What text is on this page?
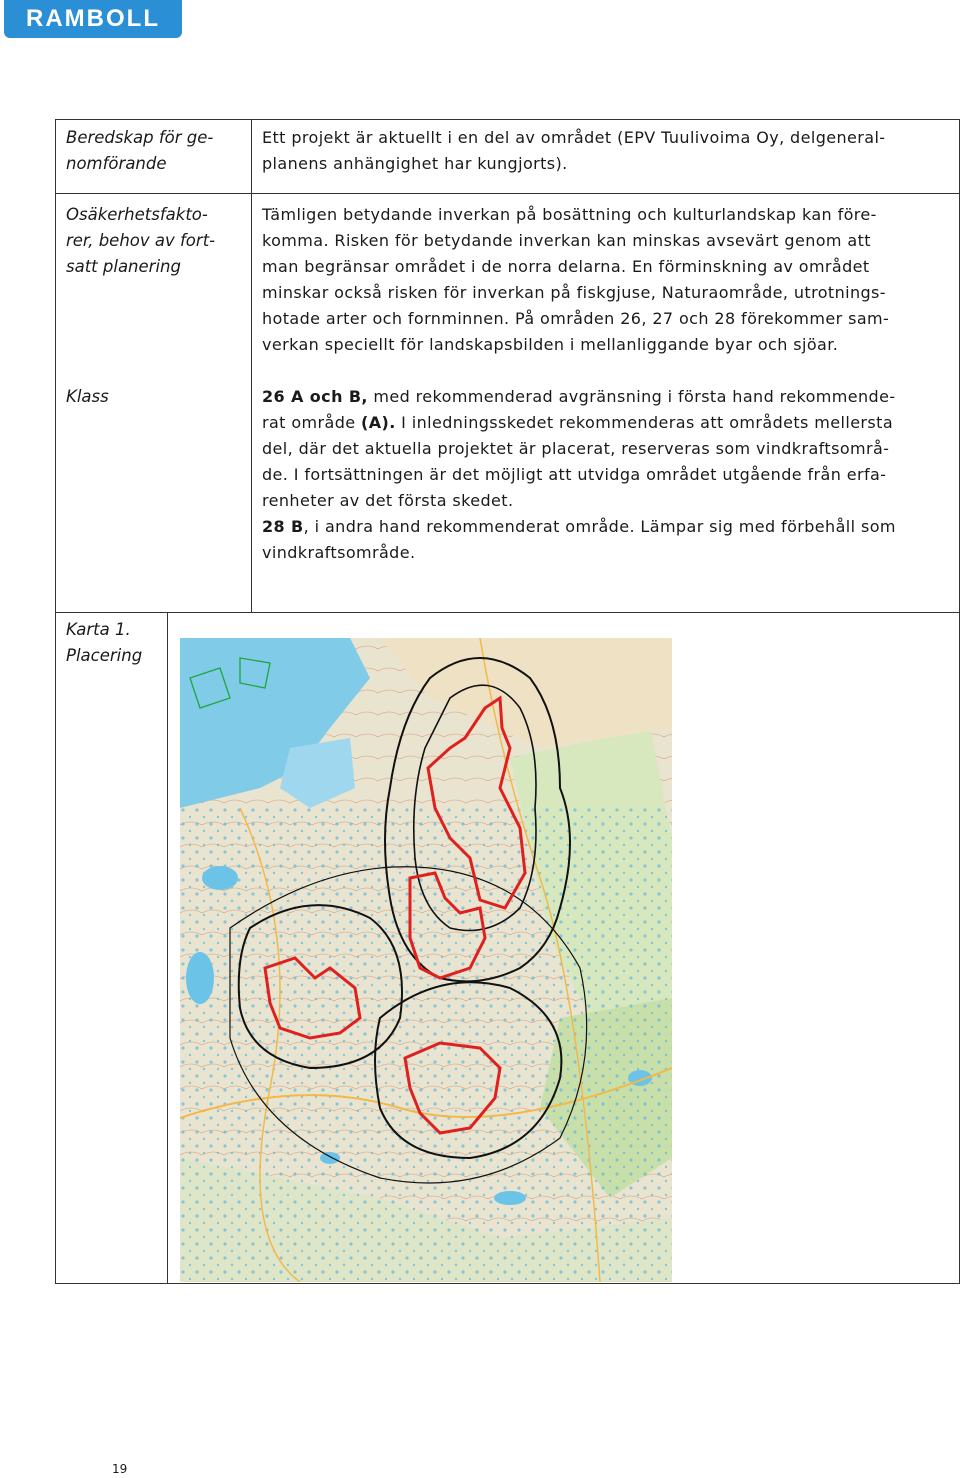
RAMBOLL
Beredskap för ge-
nomförande
Ett projekt är aktuellt i en del av området (EPV Tuulivoima Oy, delgeneral-
planens anhängighet har kungjorts).
Osäkerhetsfakto-
rer, behov av fort-
satt planering
Tämligen betydande inverkan på bosättning och kulturlandskap kan före-
komma. Risken för betydande inverkan kan minskas avsevärt genom att
man begränsar området i de norra delarna. En förminskning av området
minskar också risken för inverkan på fiskgjuse, Naturaområde, utrotnings-
hotade arter och fornminnen. På områden 26, 27 och 28 förekommer sam-
verkan speciellt för landskapsbilden i mellanliggande byar och sjöar.
Klass	26 A och B, med rekommenderad avgränsning i första hand rekommende-
rat område (A). I inledningsskedet rekommenderas att områdets mellersta
del, där det aktuella projektet är placerat, reserveras som vindkraftsområ-
de. I fortsättningen är det möjligt att utvidga området utgående från erfa-
renheter av det första skedet.

28 B, i andra hand rekommenderat område. Lämpar sig med förbehåll som
vindkraftsområde.

Karta 1.
Placering
19
